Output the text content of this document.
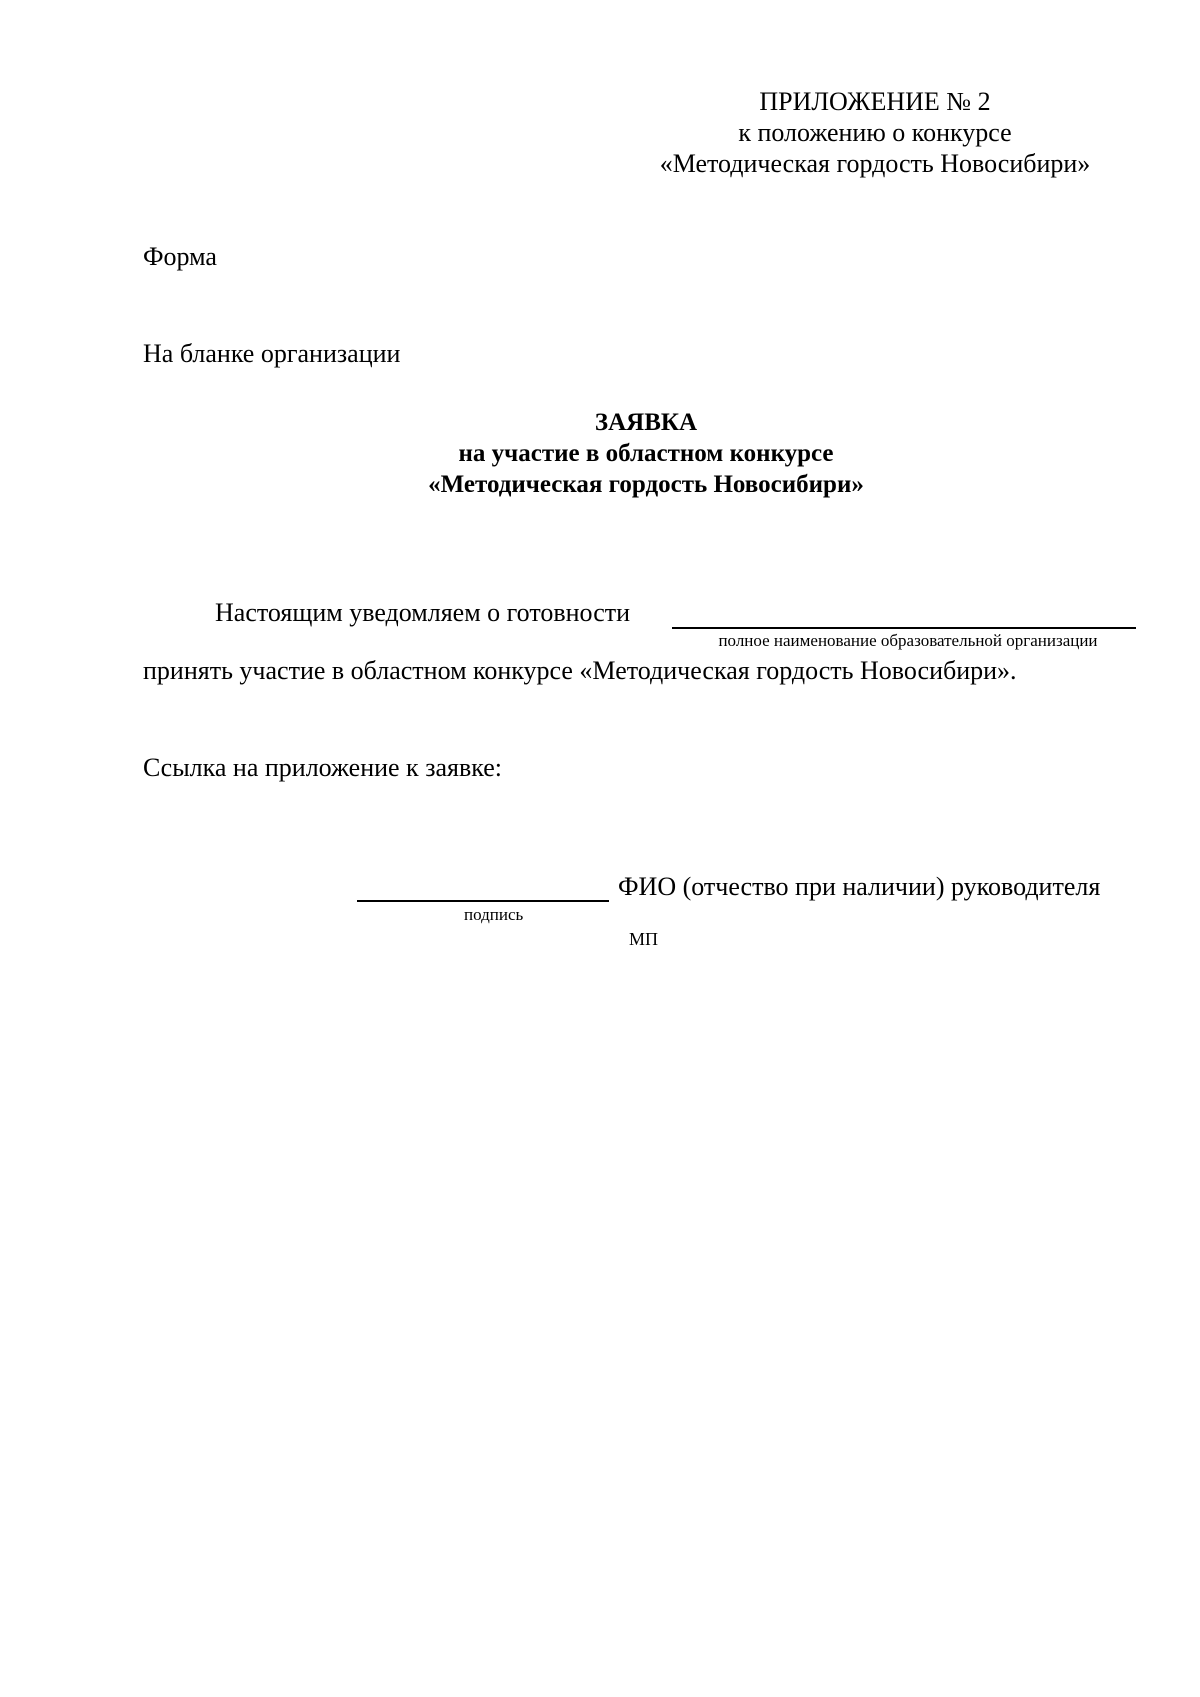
ПРИЛОЖЕНИЕ № 2
к положению о конкурсе
«Методическая гордость Новосибири»
Форма
На бланке организации
ЗАЯВКА
на участие в областном конкурсе
«Методическая гордость Новосибири»
Настоящим уведомляем о готовности
полное наименование образовательной организации
принять участие в областном конкурсе «Методическая гордость Новосибири».
Ссылка на приложение к заявке:
ФИО (отчество при наличии) руководителя
подпись
МП
